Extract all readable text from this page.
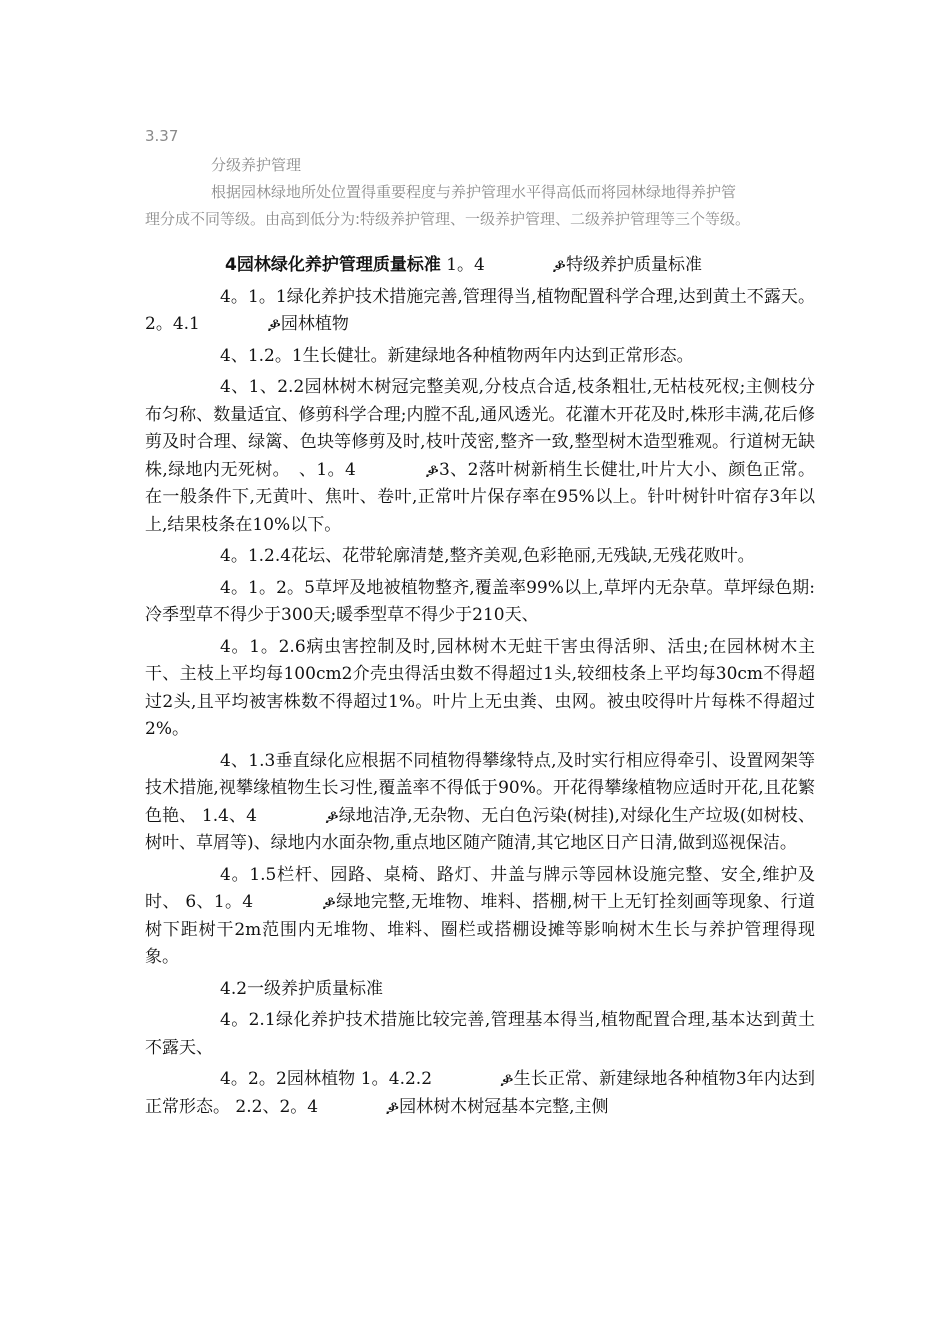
3.37
分级养护管理
根据园林绿地所处位置得重要程度与养护管理水平得高低而将园林绿地得养护管
理分成不同等级。由高到低分为:特级养护管理、一级养护管理、二级养护管理等三个等级。

4园林绿化养护管理质量标准 1。4　　　　ቇ特级养护质量标准

4。1。1绿化养护技术措施完善,管理得当,植物配置科学合理,达到黄土不露天。 2。4.1　　　　ቇ园林植物

4、1.2。1生长健壮。新建绿地各种植物两年内达到正常形态。

4、1、2.2园林树木树冠完整美观,分枝点合适,枝条粗壮,无枯枝死杈;主侧枝分布匀称、数量适宜、修剪科学合理;内膛不乱,通风透光。花灌木开花及时,株形丰满,花后修剪及时合理、绿篱、色块等修剪及时,枝叶茂密,整齐一致,整型树木造型雅观。行道树无缺株,绿地内无死树。　、1。4　　　　ቇ3、2落叶树新梢生长健壮,叶片大小、颜色正常。在一般条件下,无黄叶、焦叶、卷叶,正常叶片保存率在95%以上。针叶树针叶宿存3年以上,结果枝条在10%以下。

4。1.2.4花坛、花带轮廓清楚,整齐美观,色彩艳丽,无残缺,无残花败叶。

4。1。2。5草坪及地被植物整齐,覆盖率99%以上,草坪内无杂草。草坪绿色期:冷季型草不得少于300天;暖季型草不得少于210天、

4。1。2.6病虫害控制及时,园林树木无蛀干害虫得活卵、活虫;在园林树木主干、主枝上平均每100cm2介壳虫得活虫数不得超过1头,较细枝条上平均每30cm不得超过2头,且平均被害株数不得超过1%。叶片上无虫粪、虫网。被虫咬得叶片每株不得超过2%。

4、1.3垂直绿化应根据不同植物得攀缘特点,及时实行相应得牵引、设置网架等技术措施,视攀缘植物生长习性,覆盖率不得低于90%。开花得攀缘植物应适时开花,且花繁色艳、 1.4、4　　　　ቇ绿地洁净,无杂物、无白色污染(树挂),对绿化生产垃圾(如树枝、树叶、草屑等)、绿地内水面杂物,重点地区随产随清,其它地区日产日清,做到巡视保洁。

4。1.5栏杆、园路、桌椅、路灯、井盖与牌示等园林设施完整、安全,维护及时、 6、1。4　　　　ቇ绿地完整,无堆物、堆料、搭棚,树干上无钉拴刻画等现象、行道树下距树干2m范围内无堆物、堆料、圈栏或搭棚设摊等影响树木生长与养护管理得现象。

4.2一级养护质量标准

4。2.1绿化养护技术措施比较完善,管理基本得当,植物配置合理,基本达到黄土不露天、

4。2。2园林植物 1。4.2.2　　　　ቇ生长正常、新建绿地各种植物3年内达到正常形态。 2.2、2。4　　　　ቇ园林树木树冠基本完整,主侧
